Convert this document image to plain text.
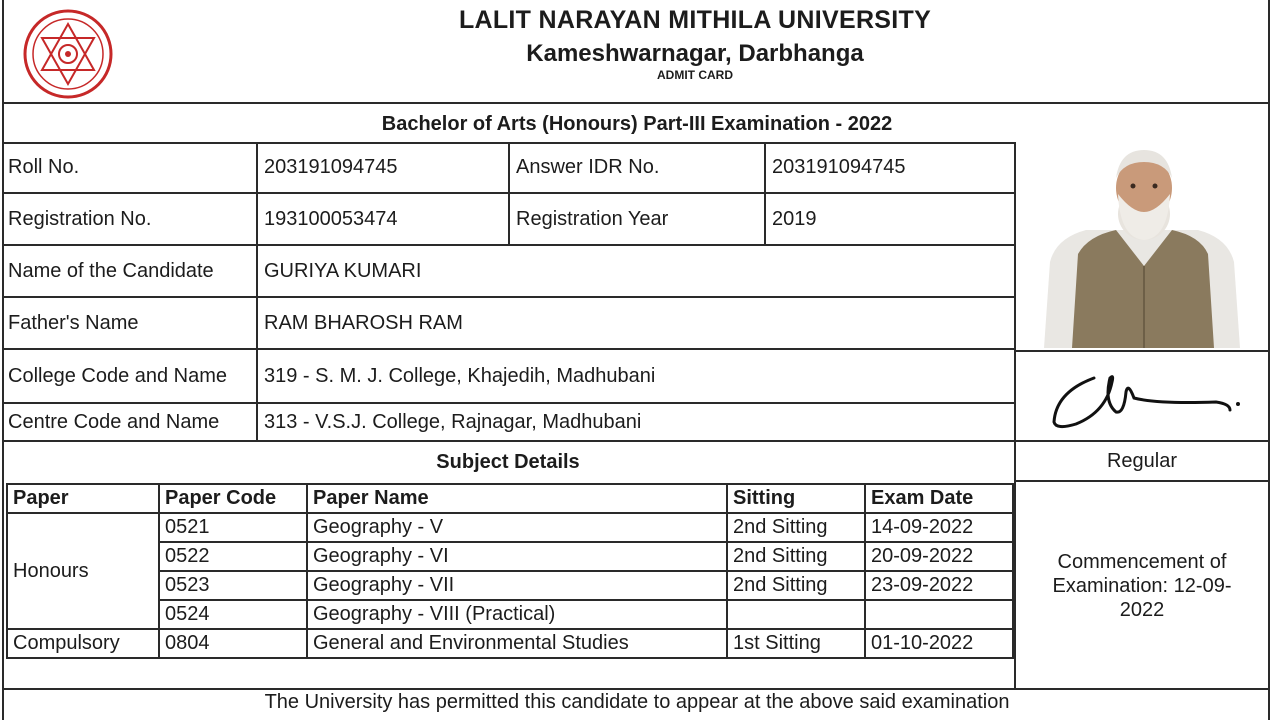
LALIT NARAYAN MITHILA UNIVERSITY
Kameshwarnagar, Darbhanga
ADMIT CARD
Bachelor of Arts (Honours) Part-III Examination - 2022
Roll No.	203191094745	Answer IDR No.	203191094745
Registration No.	193100053474	Registration Year	2019
Name of the Candidate	GURIYA KUMARI
Father's Name	RAM BHAROSH RAM
College Code and Name	319 - S. M. J. College, Khajedih, Madhubani
Centre Code and Name	313 - V.S.J. College, Rajnagar, Madhubani
Regular
Subject Details
Paper	Paper Code	Paper Name	Sitting	Exam Date
Honours
0521	Geography - V	2nd Sitting	14-09-2022
0522	Geography - VI	2nd Sitting	20-09-2022
0523	Geography - VII	2nd Sitting	23-09-2022
0524	Geography - VIII (Practical)
Compulsory	0804	General and Environmental Studies	1st Sitting	01-10-2022
Commencement of Examination: 12-09-2022
The University has permitted this candidate to appear at the above said examination
